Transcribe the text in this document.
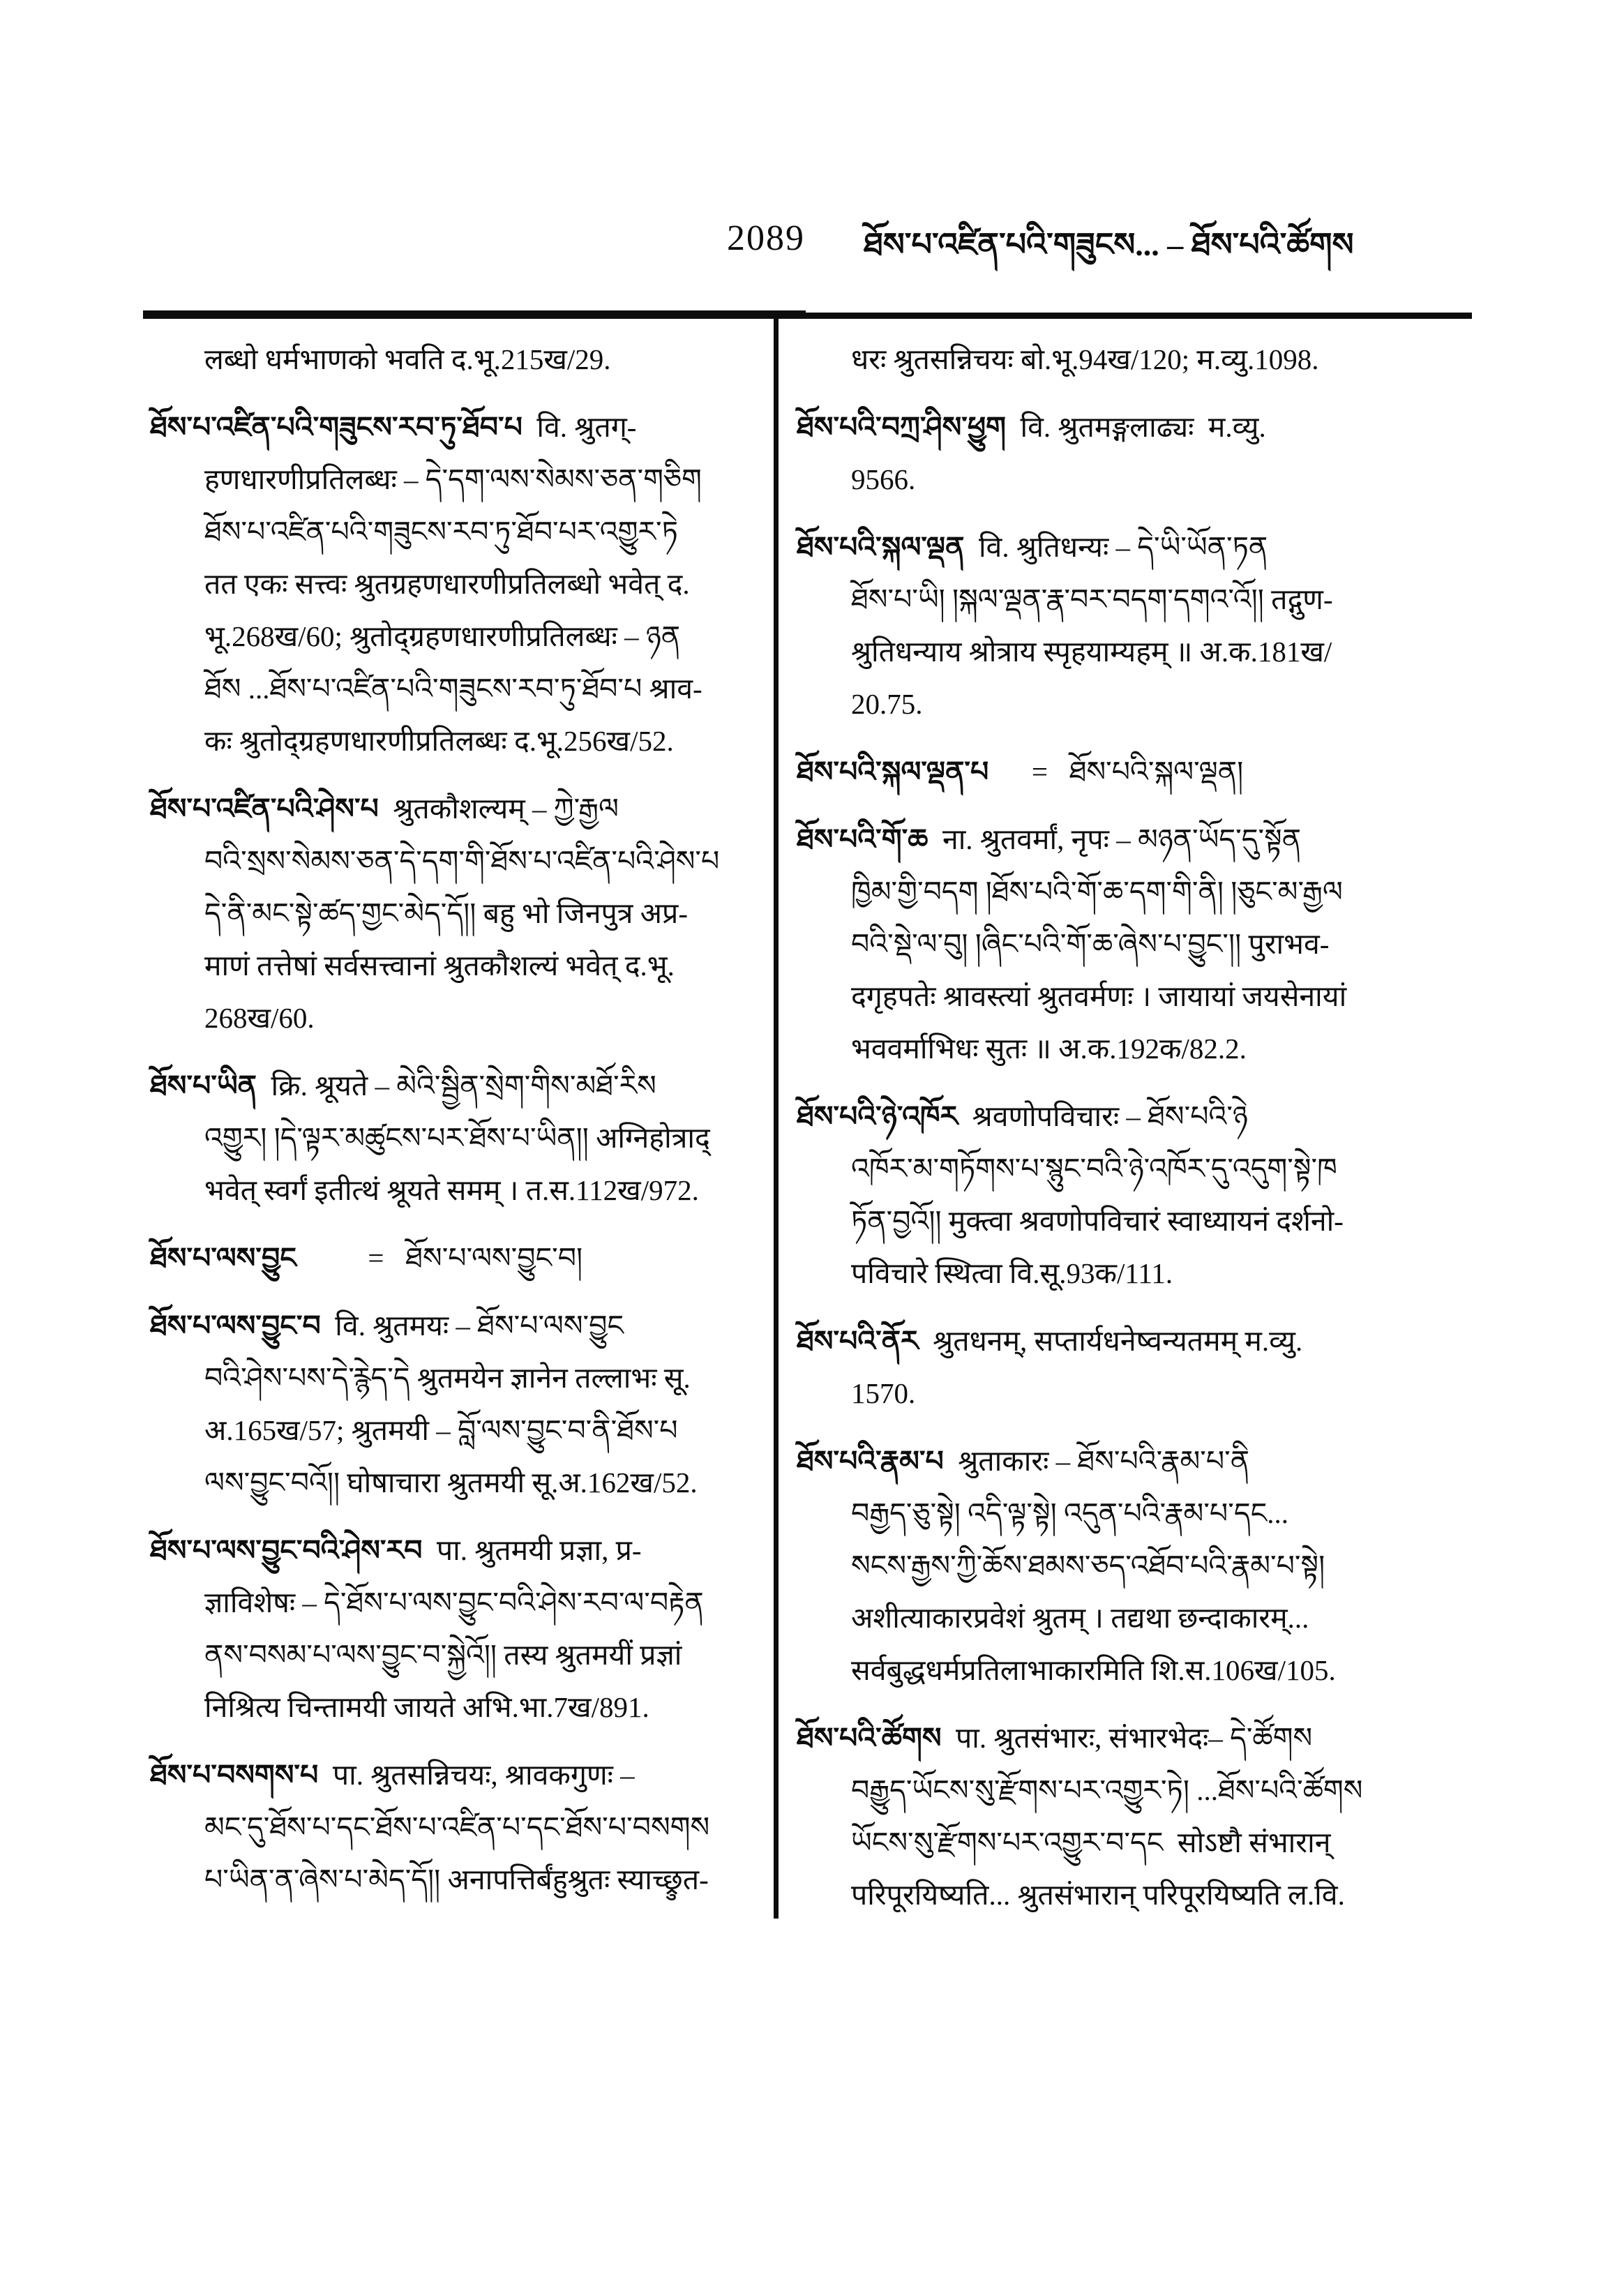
2089 ཐོས་པ་འཛིན་པའི་གཟུངས... – ཐོས་པའི་ཚོགས
लब्धो धर्मभाणको भवति द.भू.215ख/29.
ཐོས་པ་འཛིན་པའི་གཟུངས་རབ་ཏུ་ཐོབ་པ  वि. श्रुतग्-
हणधारणीप्रतिलब्धः – དེ་དག་ལས་སེམས་ཅན་གཅིག
ཐོས་པ་འཛིན་པའི་གཟུངས་རབ་ཏུ་ཐོབ་པར་འགྱུར་ཏེ
तत एकः सत्त्वः श्रुतग्रहणधारणीप्रतिलब्धो भवेत् द.
भू.268ख/60; श्रुतोद्ग्रहणधारणीप्रतिलब्धः – ཉན
ཐོས ...ཐོས་པ་འཛིན་པའི་གཟུངས་རབ་ཏུ་ཐོབ་པ श्राव-
कः श्रुतोद्ग्रहणधारणीप्रतिलब्धः द.भू.256ख/52.
ཐོས་པ་འཛིན་པའི་ཤེས་པ  श्रुतकौशल्यम् – ཀྱེ་རྒྱལ
བའི་སྲས་སེམས་ཅན་དེ་དག་གི་ཐོས་པ་འཛིན་པའི་ཤེས་པ
དེ་ནི་མང་སྟེ་ཚད་གྱང་མེད་དོ།། बहु भो जिनपुत्र अप्र-
माणं तत्तेषां सर्वसत्त्वानां श्रुतकौशल्यं भवेत् द.भू.
268ख/60.
ཐོས་པ་ཡིན  क्रि. श्रूयते – མེའི་སྦྱིན་སྲེག་གིས་མཐོ་རིས
འགྱུར། །དེ་ལྟར་མཚུངས་པར་ཐོས་པ་ཡིན།། अग्निहोत्राद्
भवेत् स्वर्गं इतीत्थं श्रूयते समम् । त.स.112ख/972.
ཐོས་པ་ལས་བྱུང          =   ཐོས་པ་ལས་བྱུང་བ།
ཐོས་པ་ལས་བྱུང་བ  वि. श्रुतमयः – ཐོས་པ་ལས་བྱུང
བའི་ཤེས་པས་དེ་རྙེད་དེ श्रुतमयेन ज्ञानेन तल्लाभः सू.
अ.165ख/57; श्रुतमयी – བློ་ལས་བྱུང་བ་ནི་ཐོས་པ
ལས་བྱུང་བའོ།། घोषाचारा श्रुतमयी सू.अ.162ख/52.
ཐོས་པ་ལས་བྱུང་བའི་ཤེས་རབ  पा. श्रुतमयी प्रज्ञा, प्र-
ज्ञाविशेषः – དེ་ཐོས་པ་ལས་བྱུང་བའི་ཤེས་རབ་ལ་བརྟེན
ནས་བསམ་པ་ལས་བྱུང་བ་སྐྱེའོ།། तस्य श्रुतमयीं प्रज्ञां
निश्रित्य चिन्तामयी जायते अभि.भा.7ख/891.
ཐོས་པ་བསགས་པ  पा. श्रुतसन्निचयः, श्रावकगुणः –
མང་དུ་ཐོས་པ་དང་ཐོས་པ་འཛིན་པ་དང་ཐོས་པ་བསགས
པ་ཡིན་ན་ཞེས་པ་མེད་དོ།། अनापत्तिर्बंहुश्रुतः स्याच्छ्रुत-
धरः श्रुतसन्निचयः बो.भू.94ख/120; म.व्यु.1098.
ཐོས་པའི་བཀྲ་ཤིས་ཕྱུག  वि. श्रुतमङ्गलाढ्यः  म.व्यु.
9566.
ཐོས་པའི་སྐལ་ལྡན  वि. श्रुतिधन्यः – དེ་ཡི་ཡོན་ཏན
ཐོས་པ་ཡི། །སྐལ་ལྡན་རྣ་བར་བདག་དགའ་འོ།། तद्गुण-
श्रुतिधन्याय श्रोत्राय स्पृहयाम्यहम् ॥ अ.क.181ख/
20.75.
ཐོས་པའི་སྐལ་ལྡན་པ      =   ཐོས་པའི་སྐལ་ལྡན།
ཐོས་པའི་གོ་ཆ  ना. श्रुतवर्मां, नृपः – མཉན་ཡོད་དུ་སྟོན
ཁྱིམ་གྱི་བདག །ཐོས་པའི་གོ་ཆ་དག་གི་ནི། །ཅུང་མ་རྒྱལ
བའི་སྡེ་ལ་བུ། །ཞིང་པའི་གོ་ཆ་ཞེས་པ་བྱུང་།། पुराभव-
दगृहपतेः श्रावस्त्यां श्रुतवर्मणः । जायायां जयसेनायां
भववर्माभिधः सुतः ॥ अ.क.192क/82.2.
ཐོས་པའི་ཉེ་འཁོར  श्रवणोपविचारः – ཐོས་པའི་ཉེ
འཁོར་མ་གཏོགས་པ་སྙུང་བའི་ཉེ་འཁོར་དུ་འདུག་སྟེ་ཁ
ཏོན་བྱའོ།། मुक्त्वा श्रवणोपविचारं स्वाध्यायनं दर्शनो-
पविचारे स्थित्वा वि.सू.93क/111.
ཐོས་པའི་ནོར  श्रुतधनम्, सप्तार्यधनेष्वन्यतमम् म.व्यु.
1570.
ཐོས་པའི་རྣམ་པ  श्रुताकारः – ཐོས་པའི་རྣམ་པ་ནི
བརྒྱད་ཅུ་སྟེ། འདི་ལྟ་སྟེ། འདུན་པའི་རྣམ་པ་དང...
སངས་རྒྱས་ཀྱི་ཆོས་ཐམས་ཅད་འཐོབ་པའི་རྣམ་པ་སྟེ།
अशीत्याकारप्रवेशं श्रुतम् । तद्यथा छन्दाकारम्...
सर्वबुद्धधर्मप्रतिलाभाकारमिति शि.स.106ख/105.
ཐོས་པའི་ཚོགས  पा. श्रुतसंभारः, संभारभेदः– དེ་ཚོགས
བརྒྱུད་ཡོངས་སུ་རྫོགས་པར་འགྱུར་ཏེ། ...ཐོས་པའི་ཚོགས
ཡོངས་སུ་རྫོགས་པར་འགྱུར་བ་དང  सोऽष्टौ संभारान्
परिपूरयिष्यति... श्रुतसंभारान् परिपूरयिष्यति ल.वि.
